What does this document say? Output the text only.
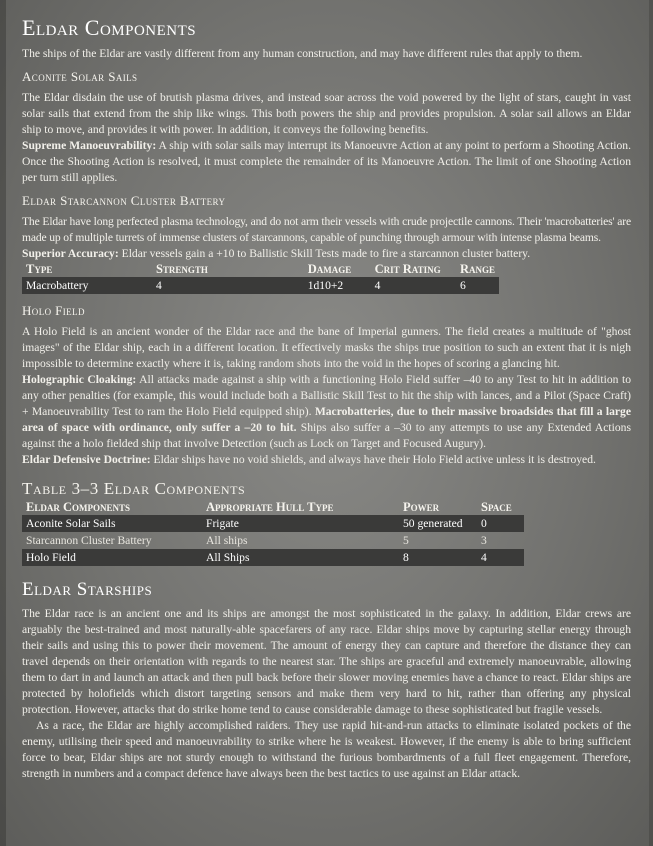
Eldar Components

The ships of the Eldar are vastly different from any human construction, and may have different rules that apply to them.

Aconite Solar Sails

The Eldar disdain the use of brutish plasma drives, and instead soar across the void powered by the light of stars, caught in vast solar sails that extend from the ship like wings. This both powers the ship and provides propulsion. A solar sail allows an Eldar ship to move, and provides it with power. In addition, it conveys the following benefits.

Supreme Manoeuvrability: A ship with solar sails may interrupt its Manoeuvre Action at any point to perform a Shooting Action. Once the Shooting Action is resolved, it must complete the remainder of its Manoeuvre Action. The limit of one Shooting Action per turn still applies.

Eldar Starcannon Cluster Battery

The Eldar have long perfected plasma technology, and do not arm their vessels with crude projectile cannons. Their 'macrobatteries' are made up of multiple turrets of immense clusters of starcannons, capable of punching through armour with intense plasma beams.

Superior Accuracy: Eldar vessels gain a +10 to Ballistic Skill Tests made to fire a starcannon cluster battery.

Type	Strength	Damage	Crit Rating	Range
Macrobattery	4	1d10+2	4	6
Holo Field

A Holo Field is an ancient wonder of the Eldar race and the bane of Imperial gunners. The field creates a multitude of "ghost images" of the Eldar ship, each in a different location. It effectively masks the ships true position to such an extent that it is nigh impossible to determine exactly where it is, taking random shots into the void in the hopes of scoring a glancing hit.

Holographic Cloaking: All attacks made against a ship with a functioning Holo Field suffer –40 to any Test to hit in addition to any other penalties (for example, this would include both a Ballistic Skill Test to hit the ship with lances, and a Pilot (Space Craft) + Manoeuvrability Test to ram the Holo Field equipped ship). Macrobatteries, due to their massive broadsides that fill a large area of space with ordinance, only suffer a –20 to hit. Ships also suffer a –30 to any attempts to use any Extended Actions against the a holo fielded ship that involve Detection (such as Lock on Target and Focused Augury).

Eldar Defensive Doctrine: Eldar ships have no void shields, and always have their Holo Field active unless it is destroyed.

Table 3–3 Eldar Components
Eldar Components	Appropriate Hull Type	Power	Space
Aconite Solar Sails	Frigate	50 generated	0
Starcannon Cluster Battery	All ships	5	3
Holo Field	All Ships	8	4
Eldar Starships

The Eldar race is an ancient one and its ships are amongst the most sophisticated in the galaxy. In addition, Eldar crews are arguably the best-trained and most naturally-able spacefarers of any race. Eldar ships move by capturing stellar energy through their sails and using this to power their movement. The amount of energy they can capture and therefore the distance they can travel depends on their orientation with regards to the nearest star. The ships are graceful and extremely manoeuvrable, allowing them to dart in and launch an attack and then pull back before their slower moving enemies have a chance to react. Eldar ships are protected by holofields which distort targeting sensors and make them very hard to hit, rather than offering any physical protection. However, attacks that do strike home tend to cause considerable damage to these sophisticated but fragile vessels.

As a race, the Eldar are highly accomplished raiders. They use rapid hit-and-run attacks to eliminate isolated pockets of the enemy, utilising their speed and manoeuvrability to strike where he is weakest. However, if the enemy is able to bring sufficient force to bear, Eldar ships are not sturdy enough to withstand the furious bombardments of a full fleet engagement. Therefore, strength in numbers and a compact defence have always been the best tactics to use against an Eldar attack.
